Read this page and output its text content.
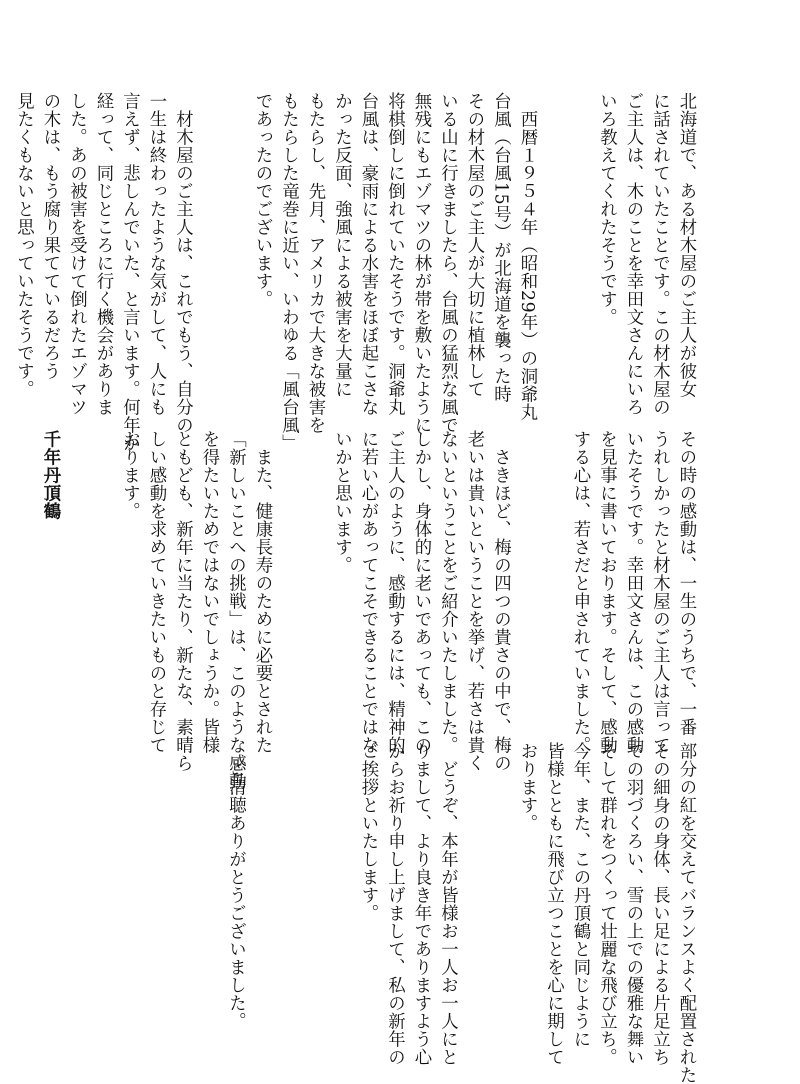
北海道で、ある材木屋のご主人が彼女
に話されていたことです。この材木屋の
ご主人は、木のことを幸田文さんにいろ
いろ教えてくれたそうです。

　西暦１９５４年（昭和29年）の洞爺丸
台風（台風15号）が北海道を襲った時
その材木屋のご主人が大切に植林して
いる山に行きましたら、台風の猛烈な風で
無残にもエゾマツの林が帯を敷いたように
将棋倒しに倒れていたそうです。洞爺丸
台風は、豪雨による水害をほぼ起こさな
かった反面、強風による被害を大量に
もたらし、先月、アメリカで大きな被害を
もたらした竜巻に近い、いわゆる「風台風」
であったのでございます。

　材木屋のご主人は、これでもう、自分の
一生は終わったような気がして、人にも
言えず、悲しんでいた、と言います。何年か
経って、同じところに行く機会がありま
した。あの被害を受けて倒れたエゾマツ
の木は、もう腐り果てているだろう
見たくもないと思っていたそうです。

その時の感動は、一生のうちで、一番
うれしかったと材木屋のご主人は言って
いたそうです。幸田文さんは、この感動
を見事に書いております。そして、感動
する心は、若さだと申されていました。

　さきほど、梅の四つの貴さの中で、梅の
老いは貴いということを挙げ、若さは貴く
ないということをご紹介いたしました。
しかし、身体的に老いであっても、この
ご主人のように、感動するには、精神的
に若い心があってこそできることではな
いかと思います。

　また、健康長寿のために必要とされた
「新しいことへの挑戦」は、このような感動
を得たいためではないでしょうか。皆様
ともども、新年に当たり、新たな、素晴ら
しい感動を求めていきたいものと存じて
おります。

千年丹頂鶴

部分の紅を交えてバランスよく配置された
その細身の身体、長い足による片足立ち
での羽づくろい、雪の上での優雅な舞い
そして群れをつくって壮麗な飛び立ち。
今年、また、この丹頂鶴と同じように
皆様とともに飛び立つことを心に期して
おります。

　どうぞ、本年が皆様お一人お一人にと
りまして、より良き年でありますよう心
からお祈り申し上げまして、私の新年の
ご挨拶といたします。

　ご清聴ありがとうございました。
